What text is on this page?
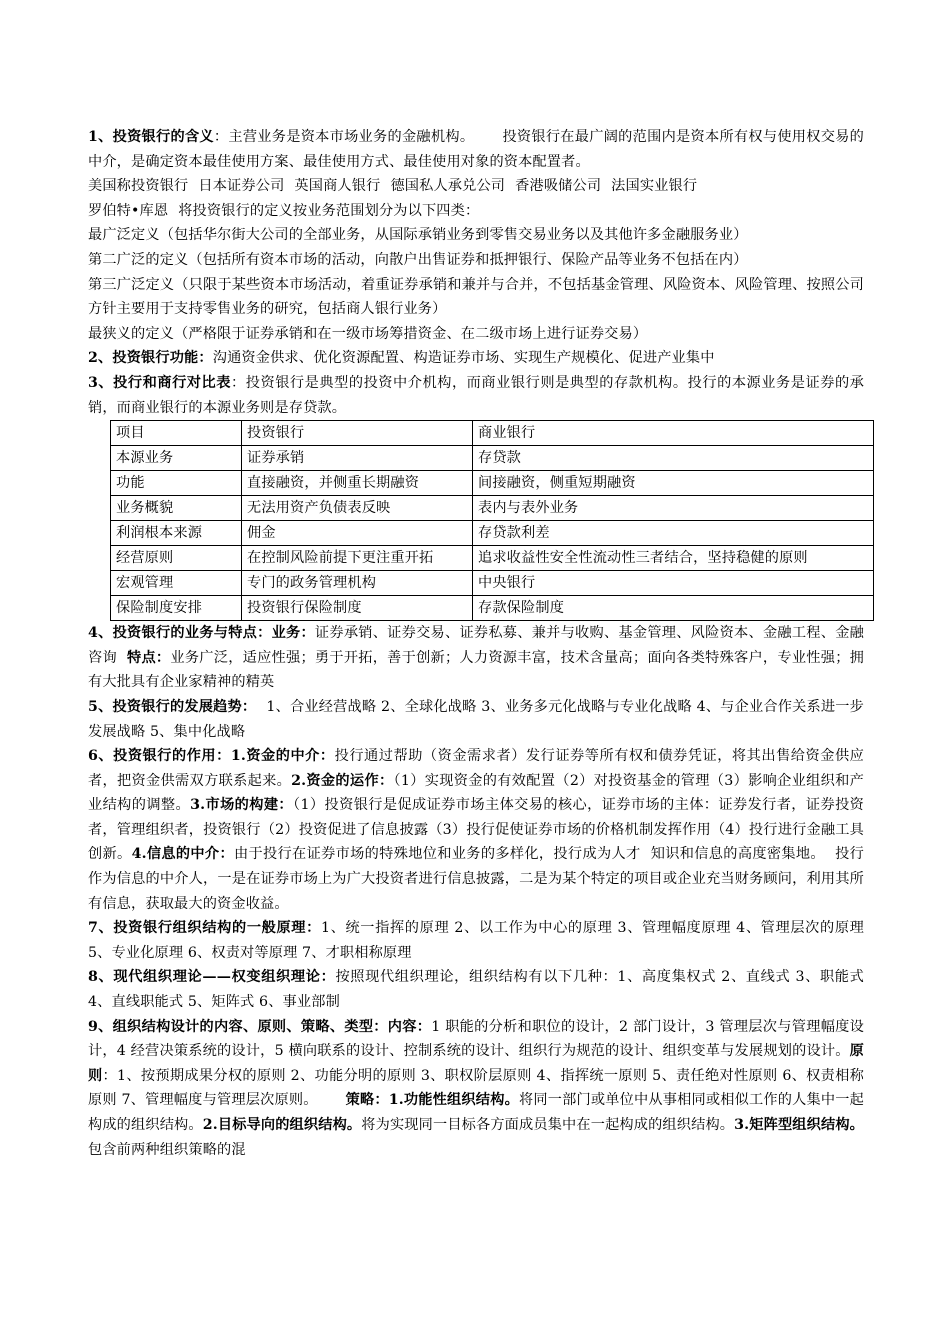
1、投资银行的含义：主营业务是资本市场业务的金融机构。 投资银行在最广阔的范围内是资本所有权与使用权交易的中介，是确定资本最佳使用方案、最佳使用方式、最佳使用对象的资本配置者。

美国称投资银行 日本证券公司 英国商人银行 德国私人承兑公司 香港吸储公司 法国实业银行

罗伯特•库恩 将投资银行的定义按业务范围划分为以下四类：

最广泛定义（包括华尔街大公司的全部业务，从国际承销业务到零售交易业务以及其他许多金融服务业）

第二广泛的定义（包括所有资本市场的活动，向散户出售证券和抵押银行、保险产品等业务不包括在内）

第三广泛定义（只限于某些资本市场活动，着重证券承销和兼并与合并，不包括基金管理、风险资本、风险管理、按照公司方针主要用于支持零售业务的研究，包括商人银行业务）

最狭义的定义（严格限于证券承销和在一级市场筹措资金、在二级市场上进行证券交易）

2、投资银行功能：沟通资金供求、优化资源配置、构造证券市场、实现生产规模化、促进产业集中

3、投行和商行对比表：投资银行是典型的投资中介机构，而商业银行则是典型的存款机构。投行的本源业务是证券的承销，而商业银行的本源业务则是存贷款。

项目	投资银行	商业银行
本源业务	证券承销	存贷款
功能	直接融资，并侧重长期融资	间接融资，侧重短期融资
业务概貌	无法用资产负债表反映	表内与表外业务
利润根本来源	佣金	存贷款利差
经营原则	在控制风险前提下更注重开拓	追求收益性安全性流动性三者结合，坚持稳健的原则
宏观管理	专门的政务管理机构	中央银行
保险制度安排	投资银行保险制度	存款保险制度

4、投资银行的业务与特点：业务：证券承销、证券交易、证券私募、兼并与收购、基金管理、风险资本、金融工程、金融咨询 特点：业务广泛，适应性强；勇于开拓，善于创新；人力资源丰富，技术含量高；面向各类特殊客户，专业性强；拥有大批具有企业家精神的精英

5、投资银行的发展趋势： 1、合业经营战略 2、全球化战略 3、业务多元化战略与专业化战略 4、与企业合作关系进一步发展战略 5、集中化战略

6、投资银行的作用：1.资金的中介：投行通过帮助（资金需求者）发行证券等所有权和债券凭证，将其出售给资金供应者，把资金供需双方联系起来。2.资金的运作：（1）实现资金的有效配置（2）对投资基金的管理（3）影响企业组织和产业结构的调整。3.市场的构建：（1）投资银行是促成证券市场主体交易的核心，证券市场的主体：证券发行者，证券投资者，管理组织者，投资银行（2）投资促进了信息披露（3）投行促使证券市场的价格机制发挥作用（4）投行进行金融工具创新。4.信息的中介：由于投行在证券市场的特殊地位和业务的多样化，投行成为人才 知识和信息的高度密集地。 投行作为信息的中介人，一是在证券市场上为广大投资者进行信息披露，二是为某个特定的项目或企业充当财务顾问，利用其所有信息，获取最大的资金收益。

7、投资银行组织结构的一般原理：1、统一指挥的原理 2、以工作为中心的原理 3、管理幅度原理 4、管理层次的原理 5、专业化原理 6、权责对等原理 7、才职相称原理

8、现代组织理论——权变组织理论：按照现代组织理论，组织结构有以下几种：1、高度集权式 2、直线式 3、职能式 4、直线职能式 5、矩阵式 6、事业部制

9、组织结构设计的内容、原则、策略、类型：内容：1 职能的分析和职位的设计，2 部门设计，3 管理层次与管理幅度设计，4 经营决策系统的设计，5 横向联系的设计、控制系统的设计、组织行为规范的设计、组织变革与发展规划的设计。原则：1、按预期成果分权的原则 2、功能分明的原则 3、职权阶层原则 4、指挥统一原则 5、责任绝对性原则 6、权责相称原则 7、管理幅度与管理层次原则。 策略：1.功能性组织结构。将同一部门或单位中从事相同或相似工作的人集中一起构成的组织结构。2.目标导向的组织结构。将为实现同一目标各方面成员集中在一起构成的组织结构。3.矩阵型组织结构。包含前两种组织策略的混
